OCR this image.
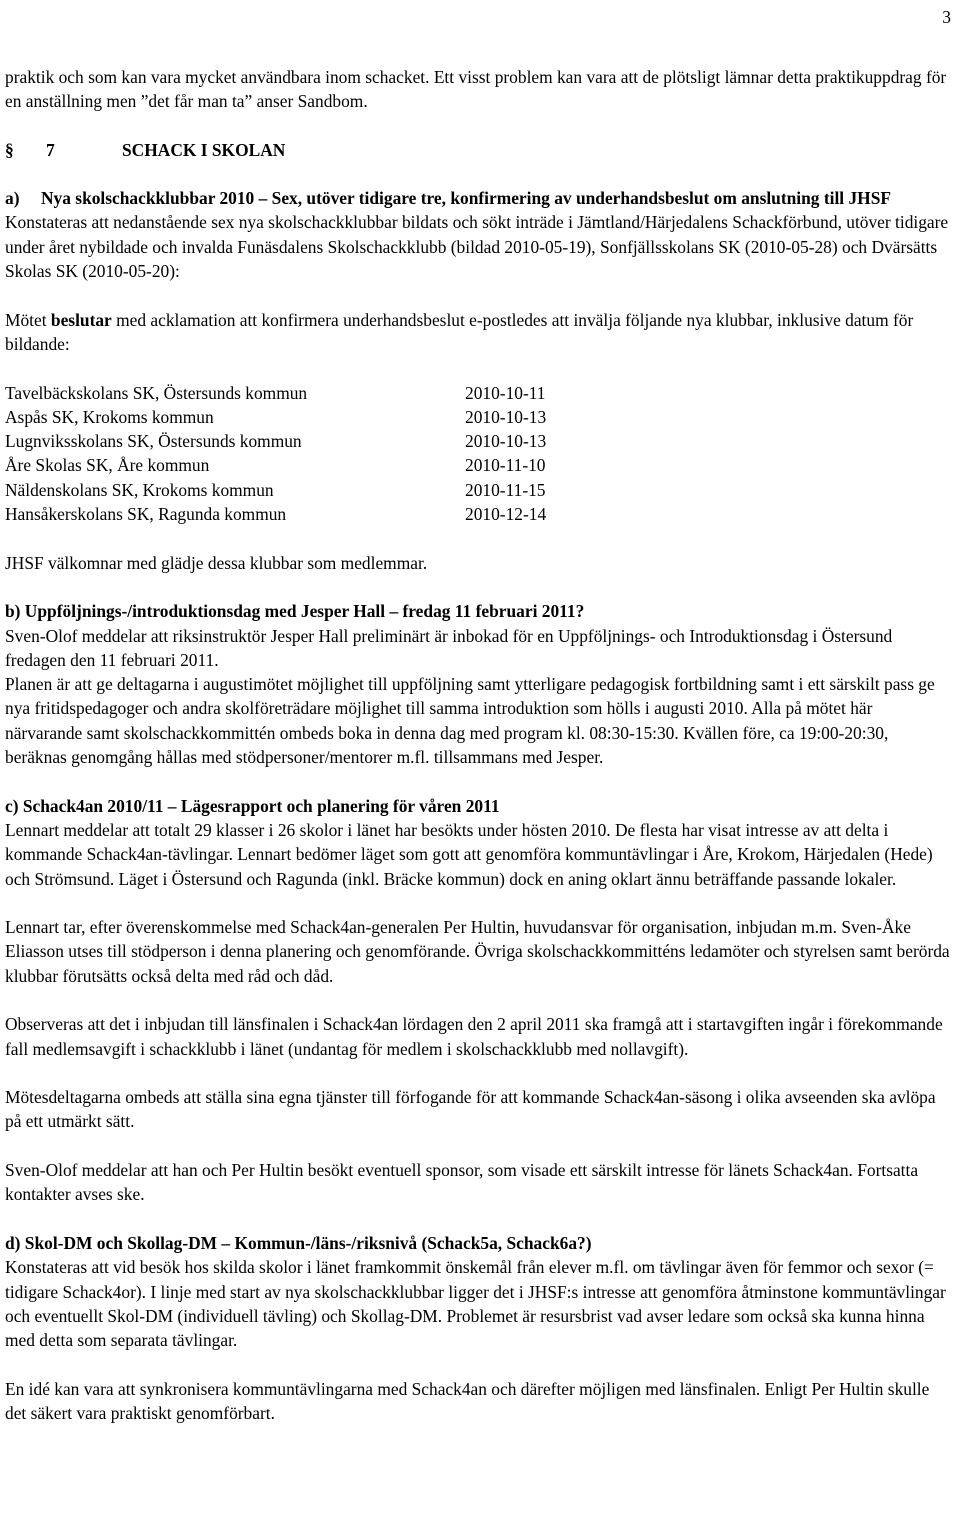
3

praktik och som kan vara mycket användbara inom schacket. Ett visst problem kan vara att de plötsligt lämnar detta praktikuppdrag för en anställning men ”det får man ta” anser Sandbom.

§ 7	SCHACK I SKOLAN
a)	Nya skolschackklubbar 2010 – Sex, utöver tidigare tre, konfirmering av underhandsbeslut om anslutning till JHSF

Konstateras att nedanstående sex nya skolschackklubbar bildats och sökt inträde i Jämtland/Härjedalens Schackförbund, utöver tidigare under året nybildade och invalda Funäsdalens Skolschackklubb (bildad 2010-05-19), Sonfjällsskolans SK (2010-05-28) och Dvärsätts Skolas SK (2010-05-20):

Mötet beslutar med acklamation att konfirmera underhandsbeslut e-postledes att invälja följande nya klubbar, inklusive datum för bildande:

Tavelbäckskolans SK, Östersunds kommun	2010-10-11
Aspås SK, Krokoms kommun	2010-10-13
Lugnviksskolans SK, Östersunds kommun	2010-10-13
Åre Skolas SK, Åre kommun	2010-11-10
Näldenskolans SK, Krokoms kommun	2010-11-15
Hansåkerskolans SK, Ragunda kommun	2010-12-14

JHSF välkomnar med glädje dessa klubbar som medlemmar.

b) Uppföljnings-/introduktionsdag med Jesper Hall – fredag 11 februari 2011?

Sven-Olof meddelar att riksinstruktör Jesper Hall preliminärt är inbokad för en Uppföljnings- och Introduktionsdag i Östersund fredagen den 11 februari 2011.

Planen är att ge deltagarna i augustimötet möjlighet till uppföljning samt ytterligare pedagogisk fortbildning samt i ett särskilt pass ge nya fritidspedagoger och andra skolföreträdare möjlighet till samma introduktion som hölls i augusti 2010. Alla på mötet här närvarande samt skolschackkommittén ombeds boka in denna dag med program kl. 08:30-15:30. Kvällen före, ca 19:00-20:30, beräknas genomgång hållas med stödpersoner/mentorer m.fl. tillsammans med Jesper.

c) Schack4an 2010/11 – Lägesrapport och planering för våren 2011

Lennart meddelar att totalt 29 klasser i 26 skolor i länet har besökts under hösten 2010. De flesta har visat intresse av att delta i kommande Schack4an-tävlingar. Lennart bedömer läget som gott att genomföra kommuntävlingar i Åre, Krokom, Härjedalen (Hede) och Strömsund. Läget i Östersund och Ragunda (inkl. Bräcke kommun) dock en aning oklart ännu beträffande passande lokaler.

Lennart tar, efter överenskommelse med Schack4an-generalen Per Hultin, huvudansvar för organisation, inbjudan m.m. Sven-Åke Eliasson utses till stödperson i denna planering och genomförande. Övriga skolschackkommitténs ledamöter och styrelsen samt berörda klubbar förutsätts också delta med råd och dåd.

Observeras att det i inbjudan till länsfinalen i Schack4an lördagen den 2 april 2011 ska framgå att i startavgiften ingår i förekommande fall medlemsavgift i schackklubb i länet (undantag för medlem i skolschackklubb med nollavgift).

Mötesdeltagarna ombeds att ställa sina egna tjänster till förfogande för att kommande Schack4an-säsong i olika avseenden ska avlöpa på ett utmärkt sätt.

Sven-Olof meddelar att han och Per Hultin besökt eventuell sponsor, som visade ett särskilt intresse för länets Schack4an. Fortsatta kontakter avses ske.

d) Skol-DM och Skollag-DM – Kommun-/läns-/riksnivå (Schack5a, Schack6a?)

Konstateras att vid besök hos skilda skolor i länet framkommit önskemål från elever m.fl. om tävlingar även för femmor och sexor (= tidigare Schack4or). I linje med start av nya skolschackklubbar ligger det i JHSF:s intresse att genomföra åtminstone kommuntävlingar och eventuellt Skol-DM (individuell tävling) och Skollag-DM. Problemet är resursbrist vad avser ledare som också ska kunna hinna med detta som separata tävlingar.

En idé kan vara att synkronisera kommuntävlingarna med Schack4an och därefter möjligen med länsfinalen. Enligt Per Hultin skulle det säkert vara praktiskt genomförbart.
